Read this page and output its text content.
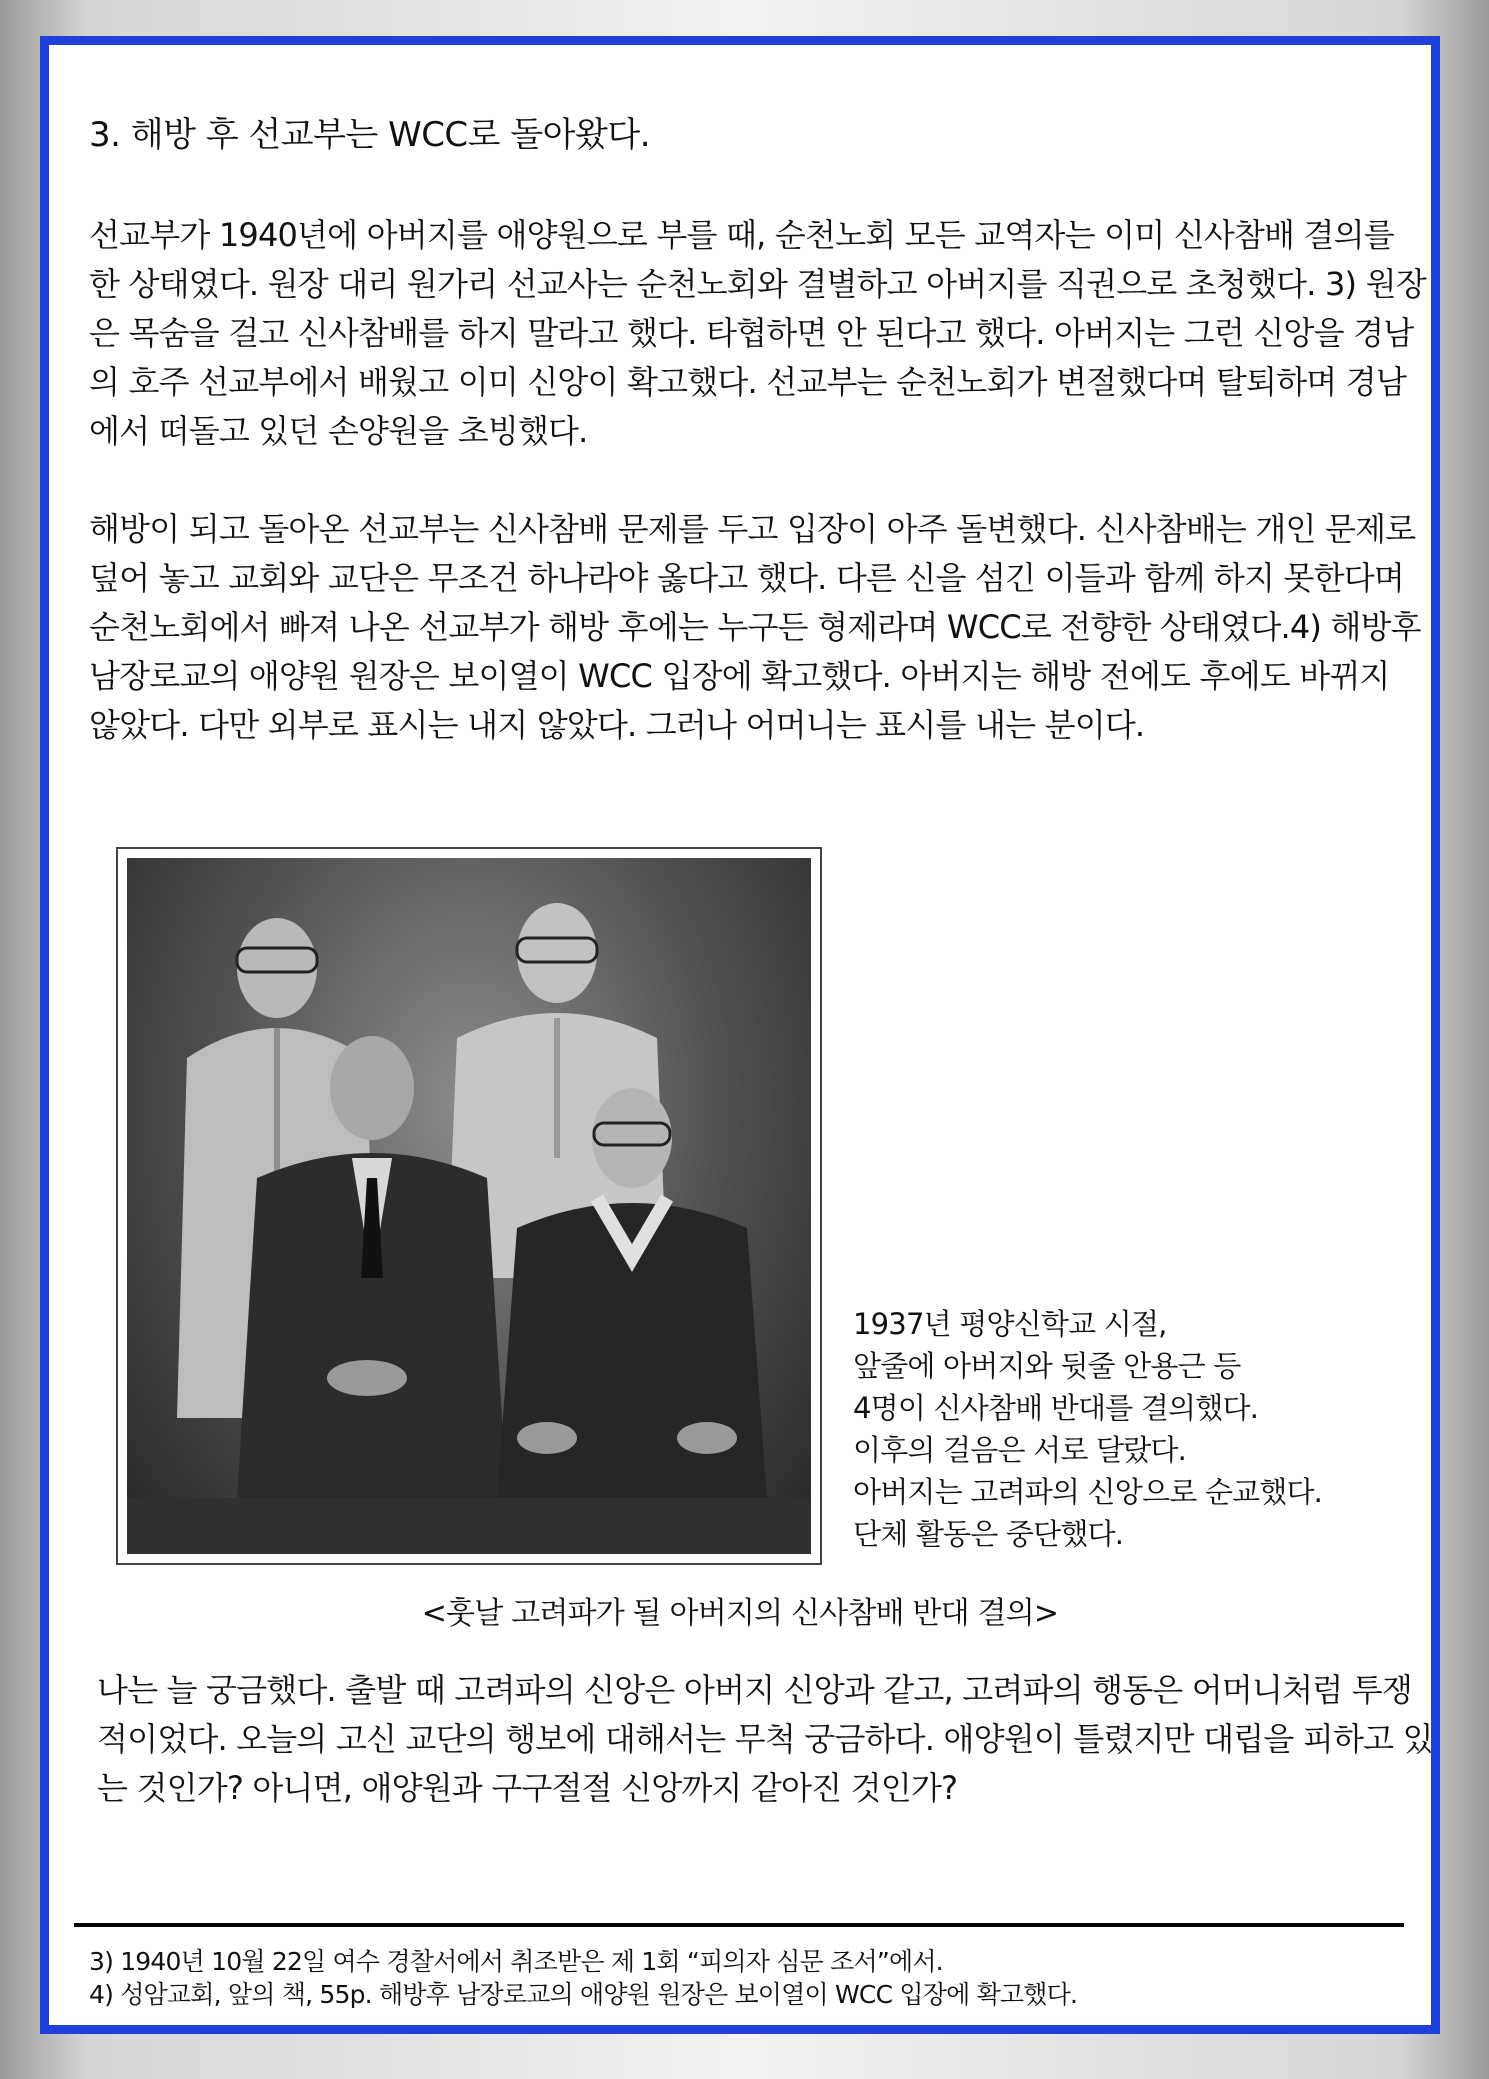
3. 해방 후 선교부는 WCC로 돌아왔다.

선교부가 1940년에 아버지를 애양원으로 부를 때, 순천노회 모든 교역자는 이미 신사참배 결의를 한 상태였다. 원장 대리 원가리 선교사는 순천노회와 결별하고 아버지를 직권으로 초청했다. 3) 원장은 목숨을 걸고 신사참배를 하지 말라고 했다. 타협하면 안 된다고 했다. 아버지는 그런 신앙을 경남의 호주 선교부에서 배웠고 이미 신앙이 확고했다. 선교부는 순천노회가 변절했다며 탈퇴하며 경남에서 떠돌고 있던 손양원을 초빙했다.

해방이 되고 돌아온 선교부는 신사참배 문제를 두고 입장이 아주 돌변했다. 신사참배는 개인 문제로 덮어 놓고 교회와 교단은 무조건 하나라야 옳다고 했다. 다른 신을 섬긴 이들과 함께 하지 못한다며 순천노회에서 빠져 나온 선교부가 해방 후에는 누구든 형제라며 WCC로 전향한 상태였다.4) 해방후 남장로교의 애양원 원장은 보이열이 WCC 입장에 확고했다. 아버지는 해방 전에도 후에도 바뀌지 않았다. 다만 외부로 표시는 내지 않았다. 그러나 어머니는 표시를 내는 분이다.

1937년 평양신학교 시절,
앞줄에 아버지와 뒷줄 안용근 등
4명이 신사참배 반대를 결의했다.
이후의 걸음은 서로 달랐다.
아버지는 고려파의 신앙으로 순교했다.
단체 활동은 중단했다.

<훗날 고려파가 될 아버지의 신사참배 반대 결의>

나는 늘 궁금했다. 출발 때 고려파의 신앙은 아버지 신앙과 같고, 고려파의 행동은 어머니처럼 투쟁적이었다. 오늘의 고신 교단의 행보에 대해서는 무척 궁금하다. 애양원이 틀렸지만 대립을 피하고 있는 것인가? 아니면, 애양원과 구구절절 신앙까지 같아진 것인가?

3) 1940년 10월 22일 여수 경찰서에서 취조받은 제 1회 “피의자 심문 조서”에서.
4) 성암교회, 앞의 책, 55p. 해방후 남장로교의 애양원 원장은 보이열이 WCC 입장에 확고했다.
